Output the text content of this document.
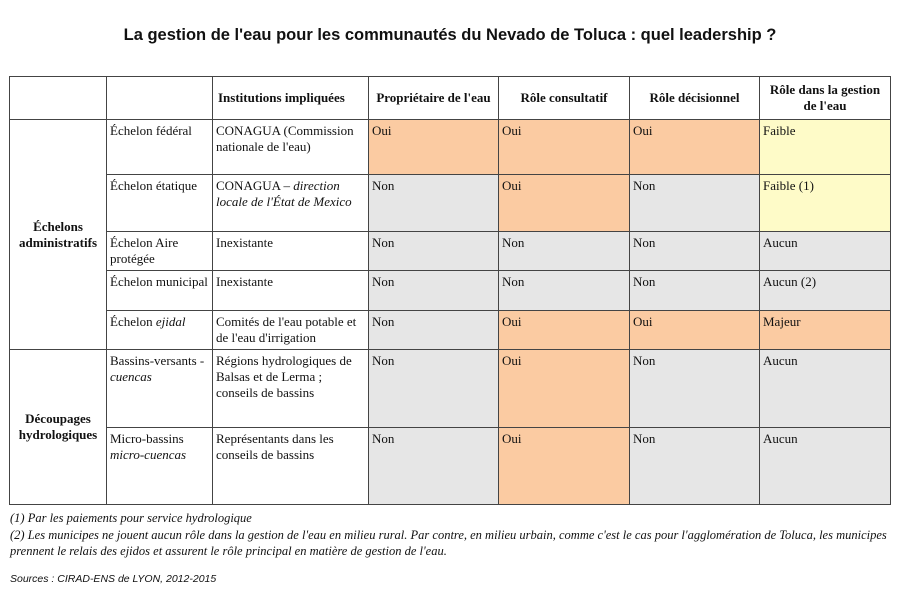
La gestion de l'eau pour les communautés du Nevado de Toluca : quel leadership ?
		Institutions impliquées	Propriétaire de l'eau	Rôle consultatif	Rôle décisionnel	Rôle dans la gestion de l'eau
Échelons administratifs	Échelon fédéral	CONAGUA (Commission nationale de l'eau)	Oui	Oui	Oui	Faible
	Échelon étatique	CONAGUA – direction locale de l'État de Mexico	Non	Oui	Non	Faible (1)
	Échelon Aire protégée	Inexistante	Non	Non	Non	Aucun
	Échelon municipal	Inexistante	Non	Non	Non	Aucun (2)
	Échelon ejidal	Comités de l'eau potable et de l'eau d'irrigation	Non	Oui	Oui	Majeur
Découpages hydrologiques	Bassins-versants - cuencas	Régions hydrologiques de Balsas et de Lerma ; conseils de bassins	Non	Oui	Non	Aucun
	Micro-bassins micro-cuencas	Représentants dans les conseils de bassins	Non	Oui	Non	Aucun

(1) Par les paiements pour service hydrologique

(2) Les municipes ne jouent aucun rôle dans la gestion de l'eau en milieu rural. Par contre, en milieu urbain, comme c'est le cas pour l'agglomération de Toluca, les municipes prennent le relais des ejidos et assurent le rôle principal en matière de gestion de l'eau.

Sources : CIRAD-ENS de LYON, 2012-2015
